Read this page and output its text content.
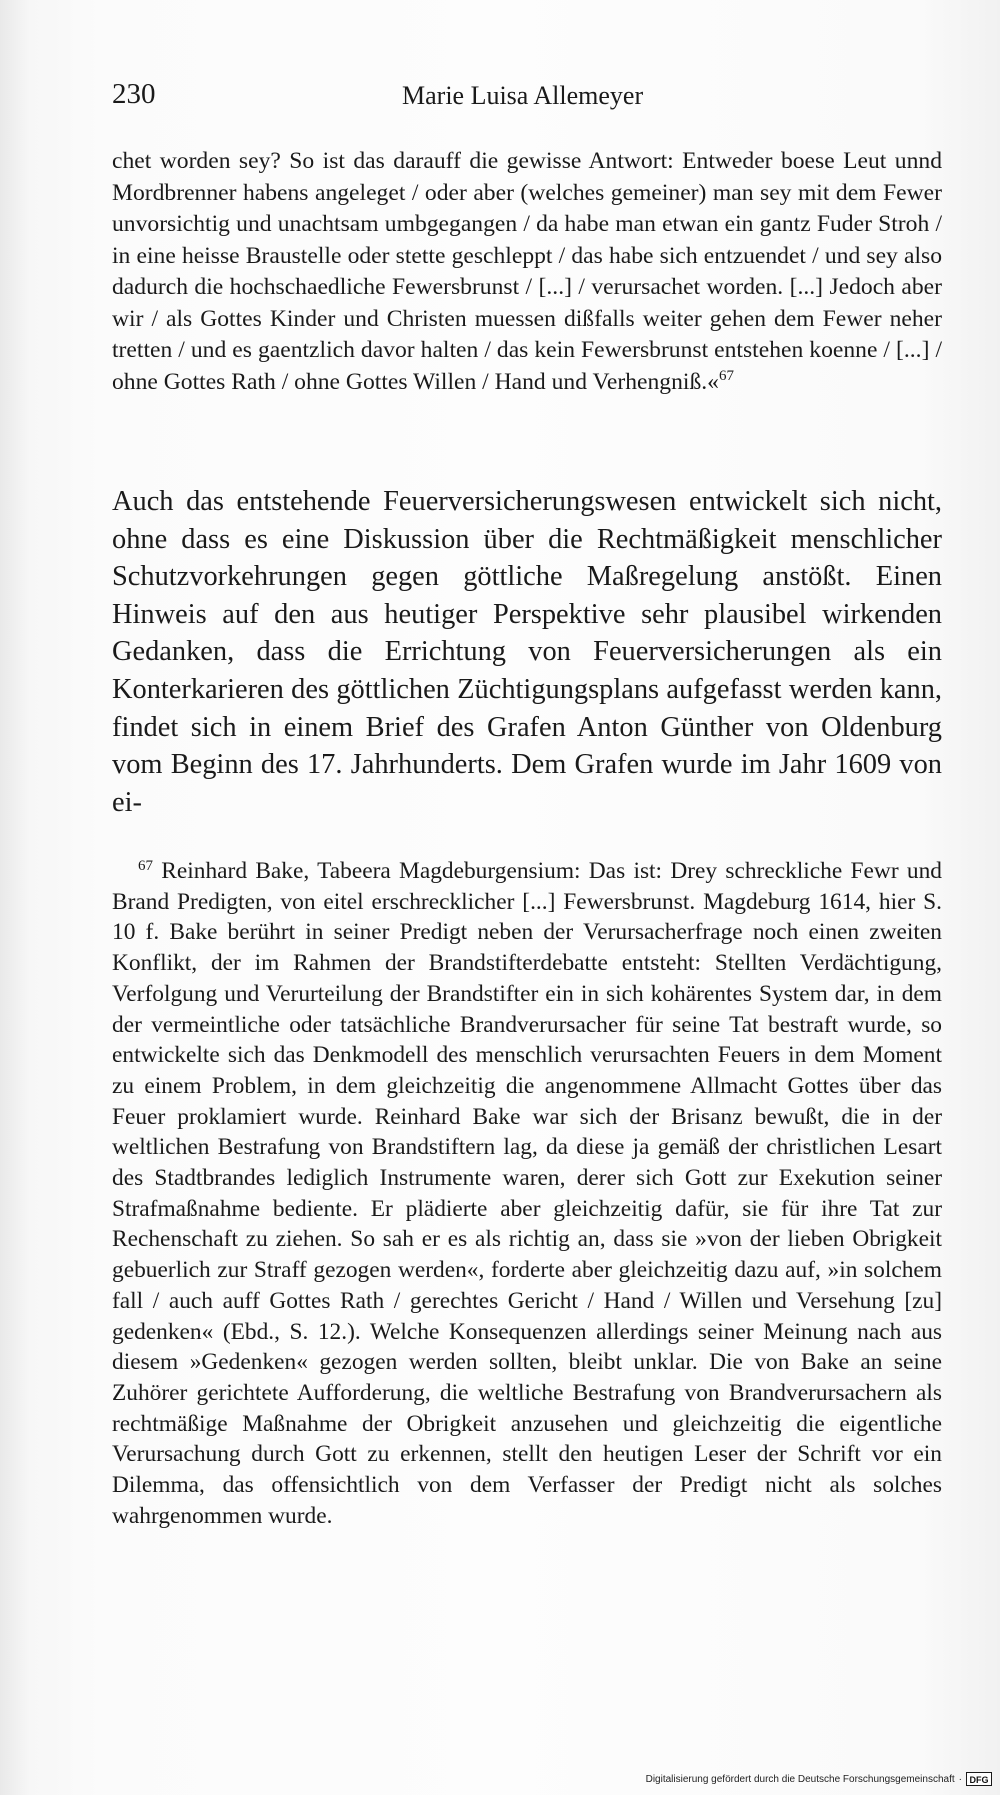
230	Marie Luisa Allemeyer

chet worden sey? So ist das darauff die gewisse Antwort: Entweder boese Leut unnd Mordbrenner habens angeleget / oder aber (welches gemeiner) man sey mit dem Fewer unvorsichtig und unachtsam umbgegangen / da habe man etwan ein gantz Fuder Stroh / in eine heisse Braustelle oder stette geschleppt / das habe sich entzuendet / und sey also dadurch die hochschaedliche Fewersbrunst / [...] / verursachet worden. [...] Jedoch aber wir / als Gottes Kinder und Christen muessen dißfalls weiter gehen dem Fewer neher tretten / und es gaentzlich davor halten / das kein Fewersbrunst entstehen koenne / [...] / ohne Gottes Rath / ohne Gottes Willen / Hand und Verhengniß.«$^{67}$

Auch das entstehende Feuerversicherungswesen entwickelt sich nicht, ohne dass es eine Diskussion über die Rechtmäßigkeit menschlicher Schutzvorkehrungen gegen göttliche Maßregelung anstößt. Einen Hinweis auf den aus heutiger Perspektive sehr plausibel wirkenden Gedanken, dass die Errichtung von Feuerversicherungen als ein Konterkarieren des göttlichen Züchtigungsplans aufgefasst werden kann, findet sich in einem Brief des Grafen Anton Günther von Oldenburg vom Beginn des 17. Jahrhunderts. Dem Grafen wurde im Jahr 1609 von ei-

$^{67}$ Reinhard Bake, Tabeera Magdeburgensium: Das ist: Drey schreckliche Fewr und Brand Predigten, von eitel erschrecklicher [...] Fewersbrunst. Magdeburg 1614, hier S. 10 f. Bake berührt in seiner Predigt neben der Verursacherfrage noch einen zweiten Konflikt, der im Rahmen der Brandstifterdebatte entsteht: Stellten Verdächtigung, Verfolgung und Verurteilung der Brandstifter ein in sich kohärentes System dar, in dem der vermeintliche oder tatsächliche Brandverursacher für seine Tat bestraft wurde, so entwickelte sich das Denkmodell des menschlich verursachten Feuers in dem Moment zu einem Problem, in dem gleichzeitig die angenommene Allmacht Gottes über das Feuer proklamiert wurde. Reinhard Bake war sich der Brisanz bewußt, die in der weltlichen Bestrafung von Brandstiftern lag, da diese ja gemäß der christlichen Lesart des Stadtbrandes lediglich Instrumente waren, derer sich Gott zur Exekution seiner Strafmaßnahme bediente. Er plädierte aber gleichzeitig dafür, sie für ihre Tat zur Rechenschaft zu ziehen. So sah er es als richtig an, dass sie »von der lieben Obrigkeit gebuerlich zur Straff gezogen werden«, forderte aber gleichzeitig dazu auf, »in solchem fall / auch auff Gottes Rath / gerechtes Gericht / Hand / Willen und Versehung [zu] gedenken« (Ebd., S. 12.). Welche Konsequenzen allerdings seiner Meinung nach aus diesem »Gedenken« gezogen werden sollten, bleibt unklar. Die von Bake an seine Zuhörer gerichtete Aufforderung, die weltliche Bestrafung von Brandverursachern als rechtmäßige Maßnahme der Obrigkeit anzusehen und gleichzeitig die eigentliche Verursachung durch Gott zu erkennen, stellt den heutigen Leser der Schrift vor ein Dilemma, das offensichtlich von dem Verfasser der Predigt nicht als solches wahrgenommen wurde.

Digitalisierung gefördert durch die Deutsche Forschungsgemeinschaft · DFG
